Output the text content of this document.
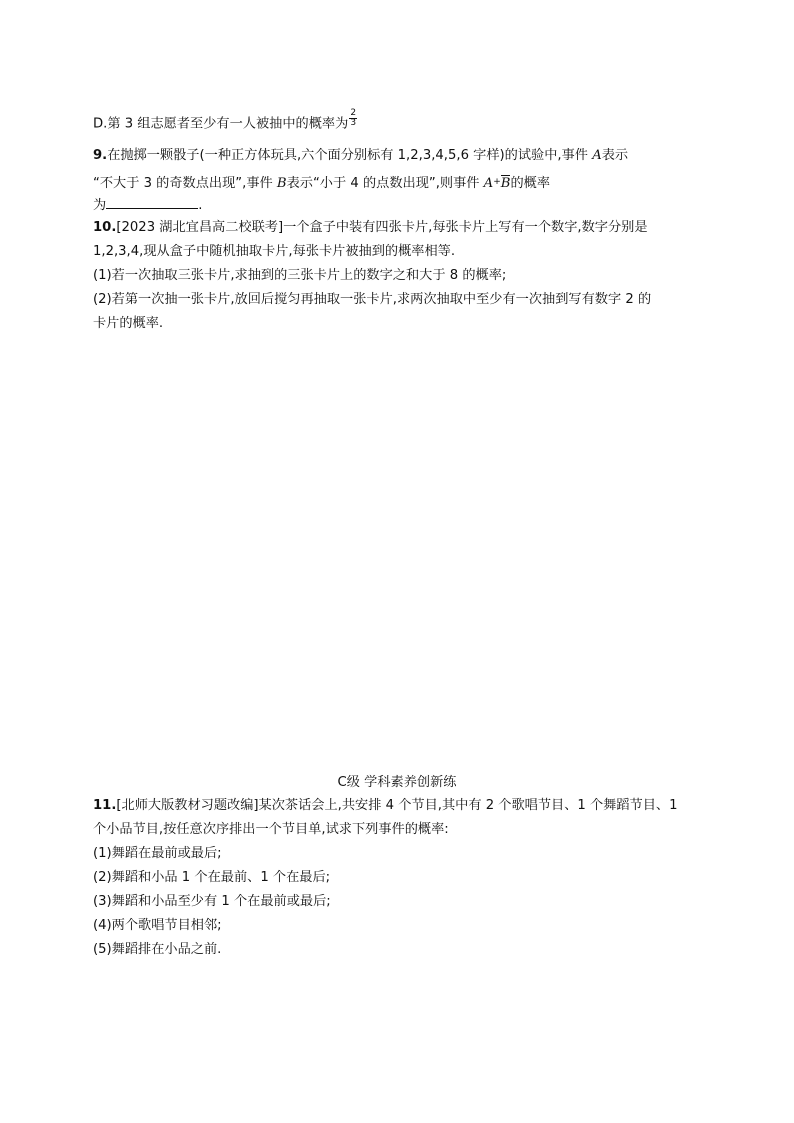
D.第 3 组志愿者至少有一人被抽中的概率为 $\frac{2}{3}$
9.在抛掷一颗骰子(一种正方体玩具,六个面分别标有 1,2,3,4,5,6 字样)的试验中,事件 A表示
“不大于 3 的奇数点出现”,事件 B表示“小于 4 的点数出现”,则事件 A+B的概率
为	.
10.[2023 湖北宜昌高二校联考]一个盒子中装有四张卡片,每张卡片上写有一个数字,数字分别是
1,2,3,4,现从盒子中随机抽取卡片,每张卡片被抽到的概率相等.
(1)若一次抽取三张卡片,求抽到的三张卡片上的数字之和大于 8 的概率;
(2)若第一次抽一张卡片,放回后搅匀再抽取一张卡片,求两次抽取中至少有一次抽到写有数字 2 的
卡片的概率.
C级 学科素养创新练
11.[北师大版教材习题改编]某次茶话会上,共安排 4 个节目,其中有 2 个歌唱节目、1 个舞蹈节目、1
个小品节目,按任意次序排出一个节目单,试求下列事件的概率:
(1)舞蹈在最前或最后;
(2)舞蹈和小品 1 个在最前、1 个在最后;
(3)舞蹈和小品至少有 1 个在最前或最后;
(4)两个歌唱节目相邻;
(5)舞蹈排在小品之前.
